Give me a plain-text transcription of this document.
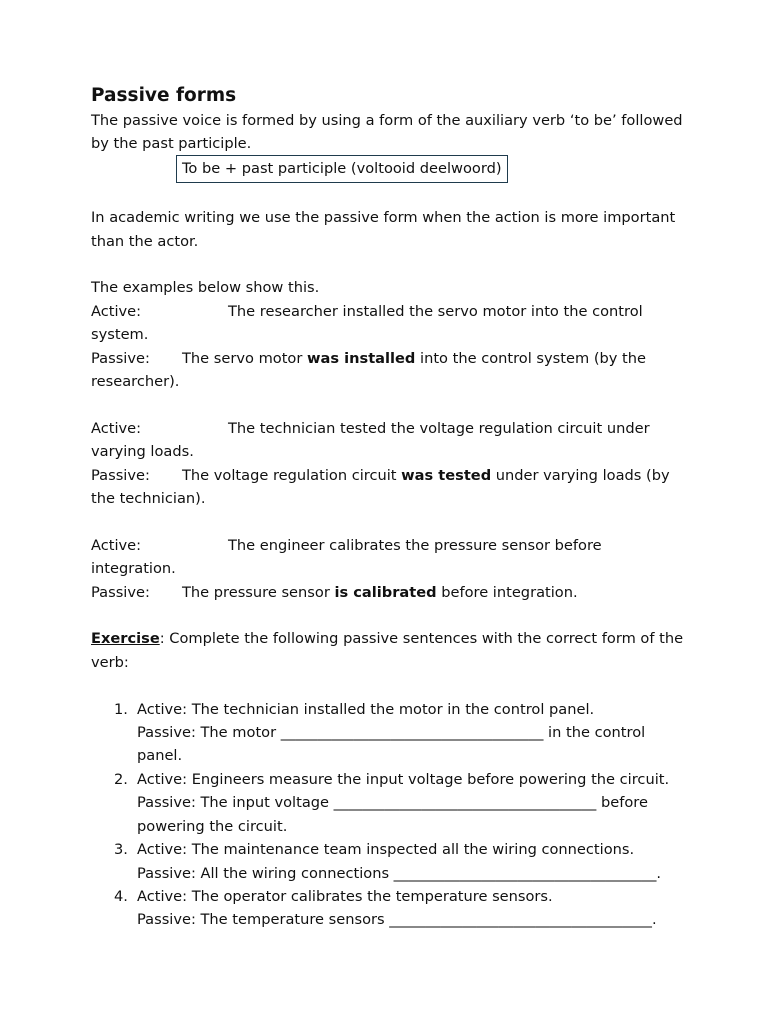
Passive forms

The passive voice is formed by using a form of the auxiliary verb ‘to be’ followed by the past participle.

To be + past participle (voltooid deelwoord)

In academic writing we use the passive form when the action is more important than the actor.

The examples below show this.

Active:	The researcher installed the servo motor into the control system.

Passive: The servo motor was installed into the control system (by the researcher).

Active:	The technician tested the voltage regulation circuit under varying loads.

Passive: The voltage regulation circuit was tested under varying loads (by the technician).

Active:	The engineer calibrates the pressure sensor before integration.

Passive: The pressure sensor is calibrated before integration.

Exercise: Complete the following passive sentences with the correct form of the verb:

1. Active: The technician installed the motor in the control panel.
Passive: The motor ____________________________________ in the control panel.
2. Active: Engineers measure the input voltage before powering the circuit.
Passive: The input voltage ____________________________________ before powering the circuit.
3. Active: The maintenance team inspected all the wiring connections.
Passive: All the wiring connections ____________________________________.
4. Active: The operator calibrates the temperature sensors.
Passive: The temperature sensors ____________________________________.
